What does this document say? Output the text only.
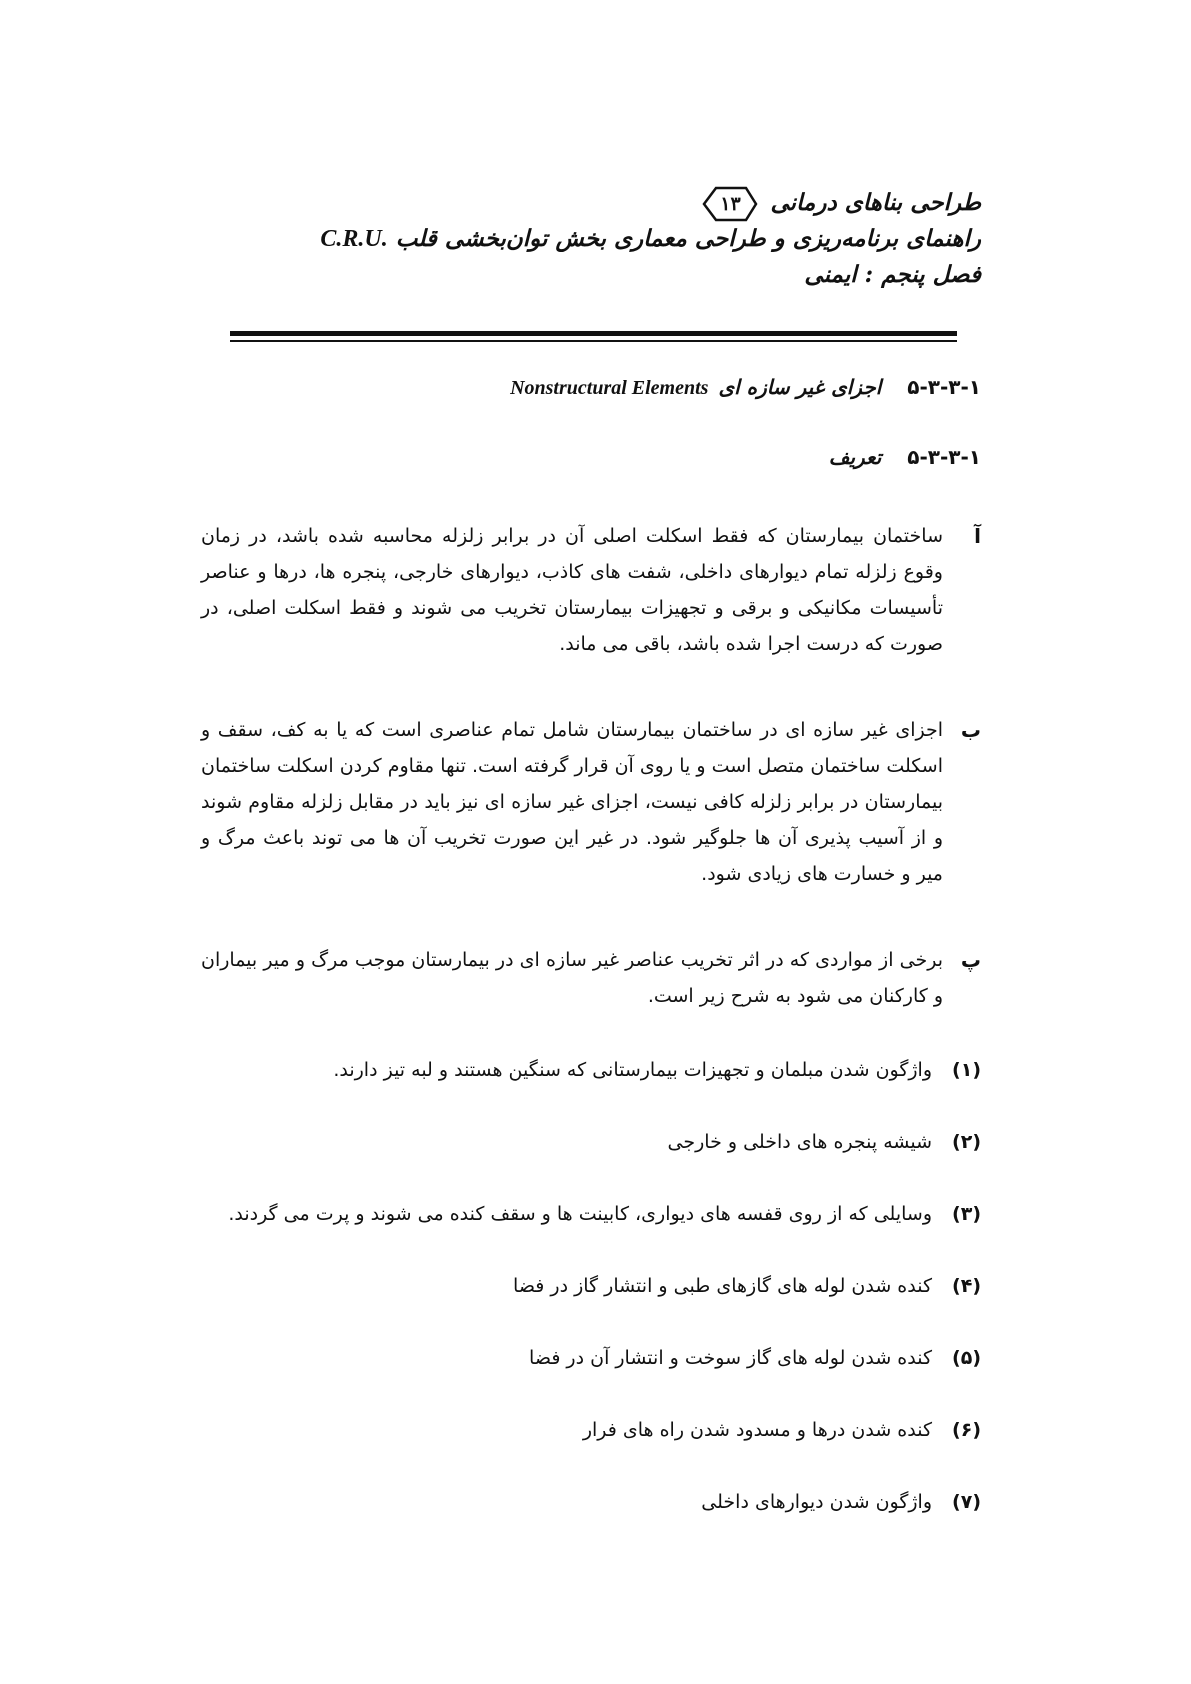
طراحی بناهای درمانی
۱۳
راهنمای برنامه‌ریزی و طراحی معماری بخش توان‌بخشی قلب C.R.U.
فصل پنجم : ایمنی
۵-۳-۳-۱اجزای غیر سازه ایNonstructural Elements
۵-۳-۳-۱تعریف
آ
ساختمان بیمارستان که فقط اسکلت اصلی آن در برابر زلزله محاسبه شده باشد، در زمان وقوع زلزله تمام دیوارهای داخلی، شفت های کاذب، دیوارهای خارجی، پنجره ها، درها و عناصر تأسیسات مکانیکی و برقی و تجهیزات بیمارستان تخریب می شوند و فقط اسکلت اصلی، در صورت که درست اجرا شده باشد، باقی می ماند.
ب
اجزای غیر سازه ای در ساختمان بیمارستان شامل تمام عناصری است که یا به کف، سقف و اسکلت ساختمان متصل است و یا روی آن قرار گرفته است. تنها مقاوم کردن اسکلت ساختمان بیمارستان در برابر زلزله کافی نیست، اجزای غیر سازه ای نیز باید در مقابل زلزله مقاوم شوند و از آسیب پذیری آن ها جلوگیر شود. در غیر این صورت تخریب آن ها می توند باعث مرگ و میر و خسارت های زیادی شود.
پ
برخی از مواردی که در اثر تخریب عناصر غیر سازه ای در بیمارستان موجب مرگ و میر بیماران و کارکنان می شود به شرح زیر است.
(۱)واژگون شدن مبلمان و تجهیزات بیمارستانی که سنگین هستند و لبه تیز دارند.
(۲)شیشه پنجره های داخلی و خارجی
(۳)وسایلی که از روی قفسه های دیواری، کابینت ها و سقف کنده می شوند و پرت می گردند.
(۴)کنده شدن لوله های گازهای طبی و انتشار گاز در فضا
(۵)کنده شدن لوله های گاز سوخت و انتشار آن در فضا
(۶)کنده شدن درها و مسدود شدن راه های فرار
(۷)واژگون شدن دیوارهای داخلی
